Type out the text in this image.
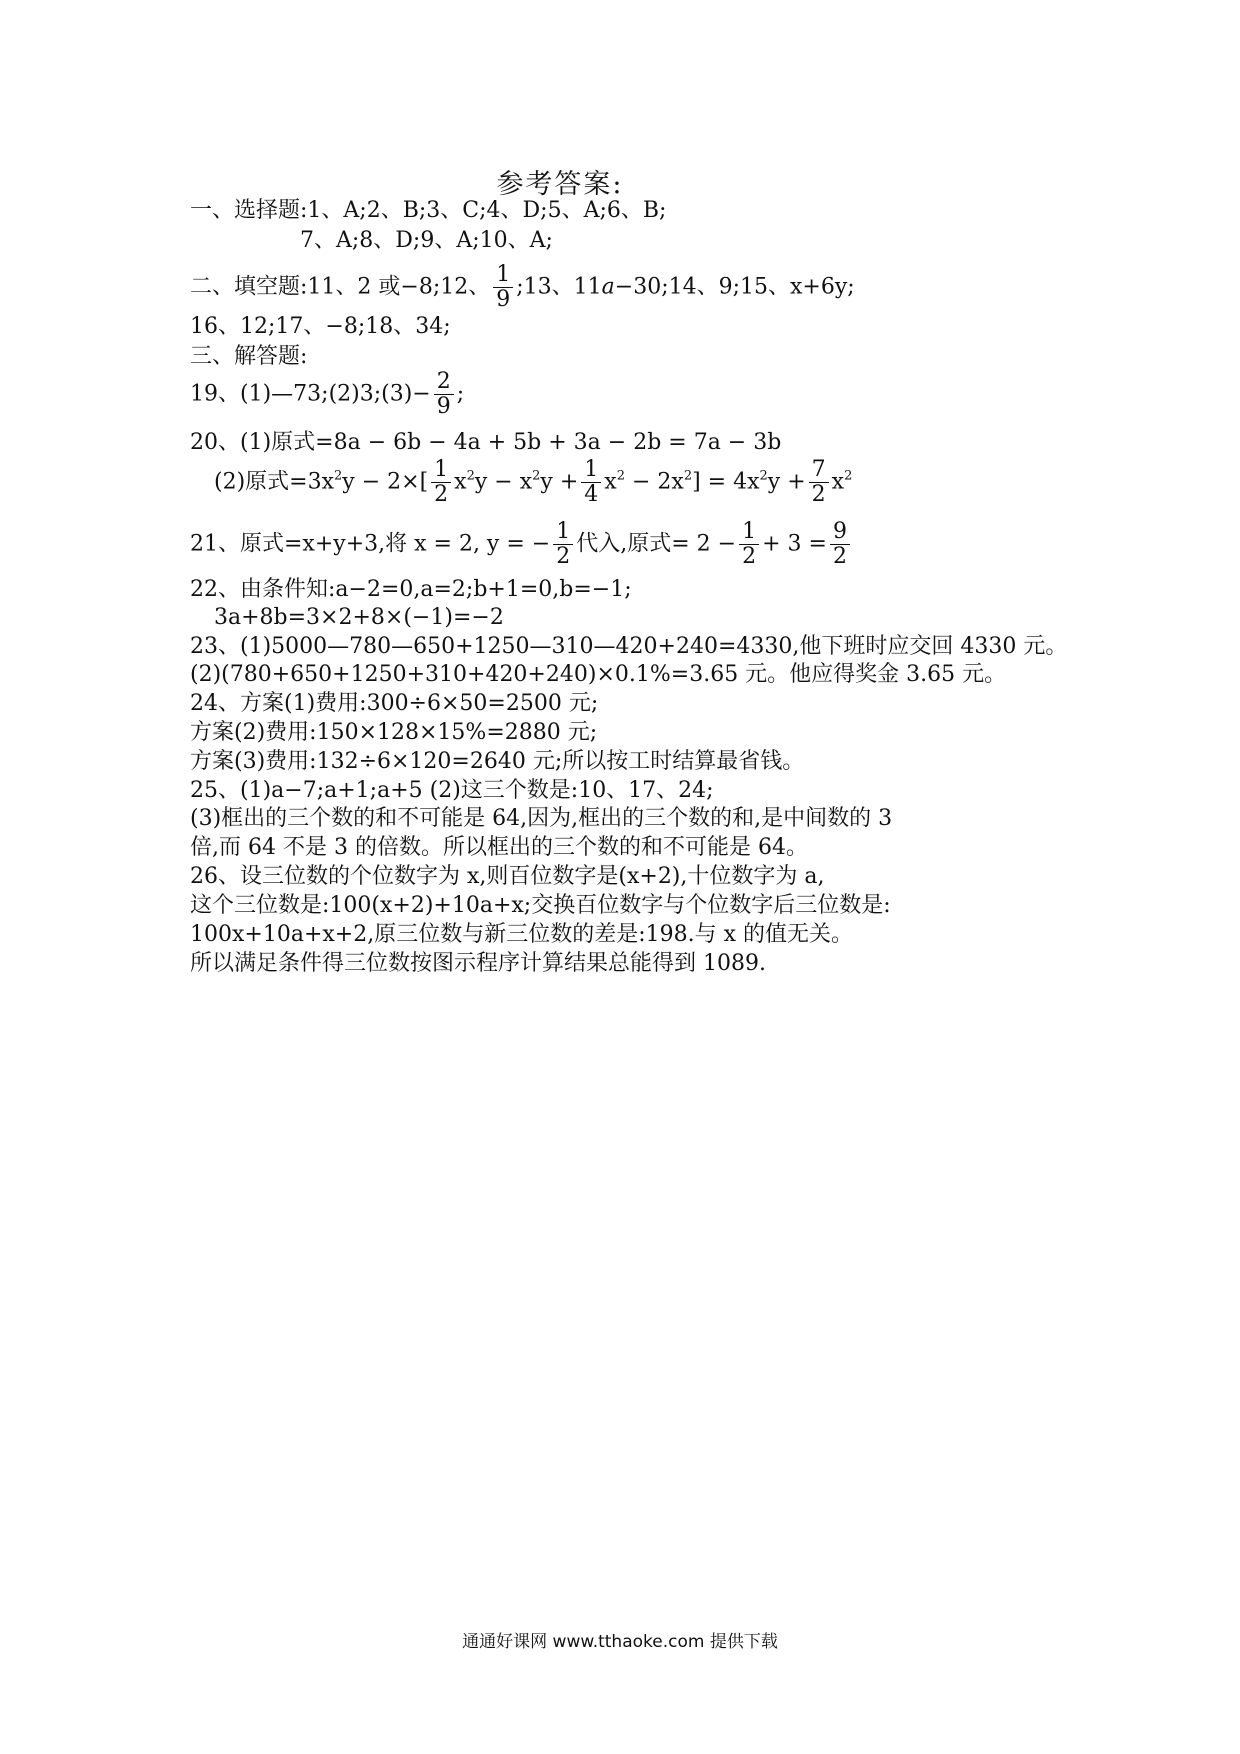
参考答案:
一、选择题:1、A;2、B;3、C;4、D;5、A;6、B;
7、A;8、D;9、A;10、A;
二、填空题:11、2 或−8;12、 $\frac{1}{9}$ ;13、11a−30;14、9;15、x+6y;
16、12;17、−8;18、34;
三、解答题:
19、(1)—73;(2)3;(3)− $\frac{2}{9}$ ;
20、(1)原式=8a − 6b − 4a + 5b + 3a − 2b = 7a − 3b
(2)原式$=3x^2y - 2\times[ \frac{1}{2} x^2y - x^2y + \frac{1}{4} x^2 - 2x^2] = 4x^2y + \frac{7}{2} x^2$
21、原式=x+y+3,将 x = 2, y = − $\frac{1}{2}$ 代入,原式= $2 - \frac{1}{2} + 3 = \frac{9}{2}$
22、由条件知:a−2=0,a=2;b+1=0,b=−1;
3a+8b=3×2+8×(−1)=−2
23、(1)5000—780—650+1250—310—420+240=4330,他下班时应交回 4330 元。
(2)(780+650+1250+310+420+240)×0.1%=3.65 元。他应得奖金 3.65 元。
24、方案(1)费用:300÷6×50=2500 元;
方案(2)费用:150×128×15%=2880 元;
方案(3)费用:132÷6×120=2640 元;所以按工时结算最省钱。
25、(1)a−7;a+1;a+5 (2)这三个数是:10、17、24;
(3)框出的三个数的和不可能是 64,因为,框出的三个数的和,是中间数的 3
倍,而 64 不是 3 的倍数。所以框出的三个数的和不可能是 64。
26、设三位数的个位数字为 x,则百位数字是(x+2),十位数字为 a,
这个三位数是:100(x+2)+10a+x;交换百位数字与个位数字后三位数是:
100x+10a+x+2,原三位数与新三位数的差是:198.与 x 的值无关。
所以满足条件得三位数按图示程序计算结果总能得到 1089.
通通好课网 www.tthaoke.com 提供下载
